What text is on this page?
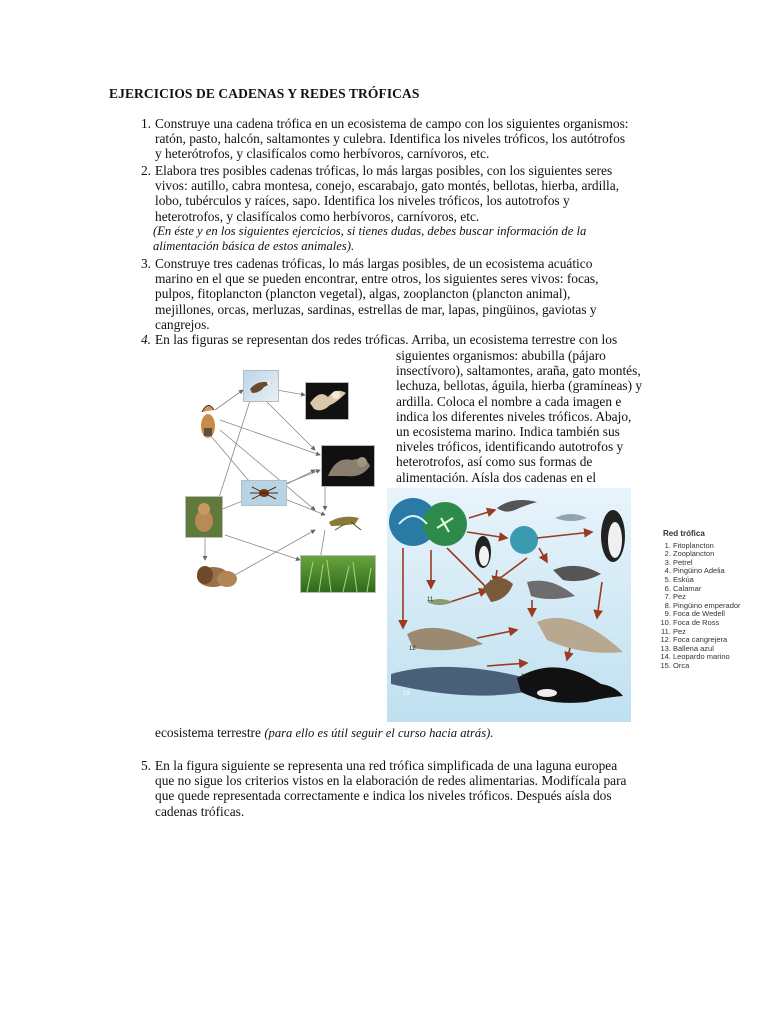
EJERCICIOS DE CADENAS Y REDES TRÓFICAS
1. Construye una cadena trófica en un ecosistema de campo con los siguientes organismos:
ratón, pasto, halcón, saltamontes y culebra. Identifica los niveles tróficos, los autótrofos
y heterótrofos, y clasifícalos como herbívoros, carnívoros, etc.
2. Elabora tres posibles cadenas tróficas, lo más largas posibles, con los siguientes seres
vivos: autillo, cabra montesa, conejo, escarabajo, gato montés, bellotas, hierba, ardilla,
lobo, tubérculos y raíces, sapo. Identifica los niveles tróficos, los autotrofos y
heterotrofos, y clasifícalos como herbívoros, carnívoros, etc.
(En éste y en los siguientes ejercicios, si tienes dudas, debes buscar información de la
alimentación básica de estos animales).
3. Construye tres cadenas tróficas, lo más largas posibles, de un ecosistema acuático
marino en el que se pueden encontrar, entre otros, los siguientes seres vivos: focas,
pulpos, fitoplancton (plancton vegetal), algas, zooplancton (plancton animal),
mejillones, orcas, merluzas, sardinas, estrellas de mar, lapas, pingüinos, gaviotas y
cangrejos.
4. En las figuras se representan dos redes tróficas. Arriba, un ecosistema terrestre con los
siguientes organismos: abubilla (pájaro
insectívoro), saltamontes, araña, gato montés,
lechuza, bellotas, águila, hierba (gramíneas) y
ardilla. Coloca el nombre a cada imagen e
indica los diferentes niveles tróficos. Abajo,
un ecosistema marino. Indica también sus
niveles tróficos, identificando autotrofos y
heterotrofos, así como sus formas de
alimentación. Aísla dos cadenas en el
11
12
13
15
Red trófica
1. Fitoplancton
2. Zooplancton
3. Petrel
4. Pingüino Adelia
5. Eskúa
6. Calamar
7. Pez
8. Pingüino emperador
9. Foca de Wedell
10. Foca de Ross
11. Pez
12. Foca cangrejera
13. Ballena azul
14. Leopardo marino
15. Orca
ecosistema terrestre (para ello es útil seguir el curso hacia atrás).
5. En la figura siguiente se representa una red trófica simplificada de una laguna europea
que no sigue los criterios vistos en la elaboración de redes alimentarias. Modifícala para
que quede representada correctamente e indica los niveles tróficos. Después aísla dos
cadenas tróficas.
